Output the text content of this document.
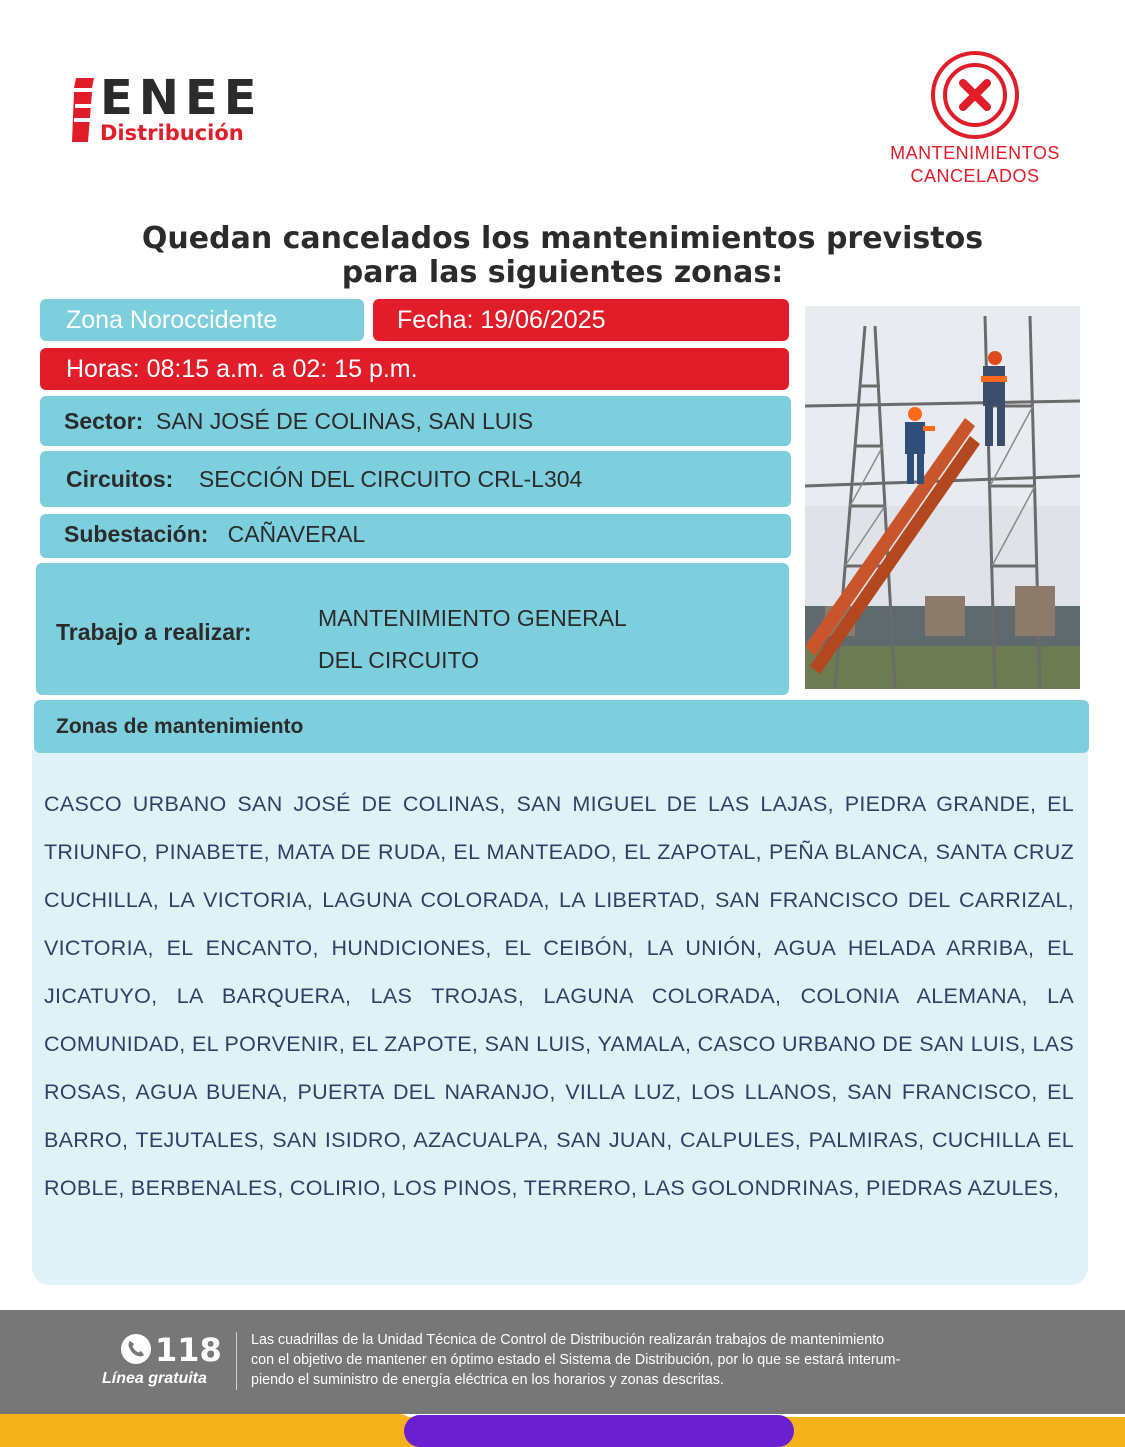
ENEE
Distribución
MANTENIMIENTOS
CANCELADOS
Quedan cancelados los mantenimientos previstos
para las siguientes zonas:
Zona Noroccidente	Fecha: 19/06/2025
Horas: 08:15 a.m. a 02: 15 p.m.
Sector: SAN JOSÉ DE COLINAS, SAN LUIS
Circuitos: SECCIÓN DEL CIRCUITO CRL-L304
Subestación: CAÑAVERAL
Trabajo a realizar:
MANTENIMIENTO GENERAL
DEL CIRCUITO
Zonas de mantenimiento
CASCO URBANO SAN JOSÉ DE COLINAS, SAN MIGUEL DE LAS LAJAS, PIEDRA GRANDE, EL TRIUNFO, PINABETE, MATA DE RUDA, EL MANTEADO, EL ZAPOTAL, PEÑA BLANCA, SANTA CRUZ CUCHILLA, LA VICTORIA, LAGUNA COLORADA, LA LIBERTAD, SAN FRANCISCO DEL CARRIZAL, VICTORIA, EL ENCANTO, HUNDICIONES, EL CEIBÓN, LA UNIÓN, AGUA HELADA ARRIBA, EL JICATUYO, LA BARQUERA, LAS TROJAS, LAGUNA COLORADA, COLONIA ALEMANA, LA COMUNIDAD, EL PORVENIR, EL ZAPOTE, SAN LUIS, YAMALA, CASCO URBANO DE SAN LUIS, LAS ROSAS, AGUA BUENA, PUERTA DEL NARANJO, VILLA LUZ, LOS LLANOS, SAN FRANCISCO, EL BARRO, TEJUTALES, SAN ISIDRO, AZACUALPA, SAN JUAN, CALPULES, PALMIRAS, CUCHILLA EL ROBLE, BERBENALES, COLIRIO, LOS PINOS, TERRERO, LAS GOLONDRINAS, PIEDRAS AZULES,
118
Línea gratuita
Las cuadrillas de la Unidad Técnica de Control de Distribución realizarán trabajos de mantenimiento
con el objetivo de mantener en óptimo estado el Sistema de Distribución, por lo que se estará interum-
piendo el suministro de energía eléctrica en los horarios y zonas descritas.
